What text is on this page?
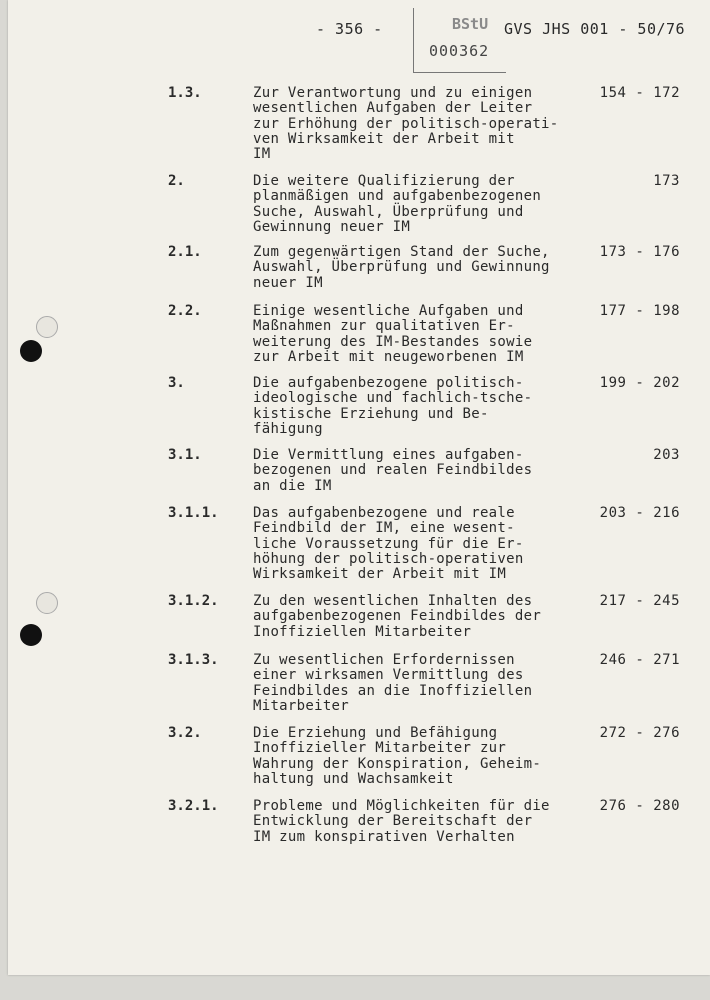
- 356 -	BStU
000362
GVS JHS 001 - 50/76
1.3.	Zur Verantwortung und zu einigen
wesentlichen Aufgaben der Leiter
zur Erhöhung der politisch-operati-
ven Wirksamkeit der Arbeit mit
IM
154 - 172
2.	Die weitere Qualifizierung der
planmäßigen und aufgabenbezogenen
Suche, Auswahl, Überprüfung und
Gewinnung neuer IM
173
2.1.	Zum gegenwärtigen Stand der Suche,
Auswahl, Überprüfung und Gewinnung
neuer IM
173 - 176
2.2.	Einige wesentliche Aufgaben und
Maßnahmen zur qualitativen Er-
weiterung des IM-Bestandes sowie
zur Arbeit mit neugeworbenen IM
177 - 198
3.	Die aufgabenbezogene politisch-
ideologische und fachlich-tsche-
kistische Erziehung und Be-
fähigung
199 - 202
3.1.	Die Vermittlung eines aufgaben-
bezogenen und realen Feindbildes
an die IM
203
3.1.1. Das aufgabenbezogene und reale
Feindbild der IM, eine wesent-
liche Voraussetzung für die Er-
höhung der politisch-operativen
Wirksamkeit der Arbeit mit IM
203 - 216
3.1.2. Zu den wesentlichen Inhalten des
aufgabenbezogenen Feindbildes der
Inoffiziellen Mitarbeiter
217 - 245
3.1.3. Zu wesentlichen Erfordernissen
einer wirksamen Vermittlung des
Feindbildes an die Inoffiziellen
Mitarbeiter
246 - 271
3.2.	Die Erziehung und Befähigung
Inoffizieller Mitarbeiter zur
Wahrung der Konspiration, Geheim-
haltung und Wachsamkeit
272 - 276
3.2.1. Probleme und Möglichkeiten für die
Entwicklung der Bereitschaft der
IM zum konspirativen Verhalten
276 - 280
